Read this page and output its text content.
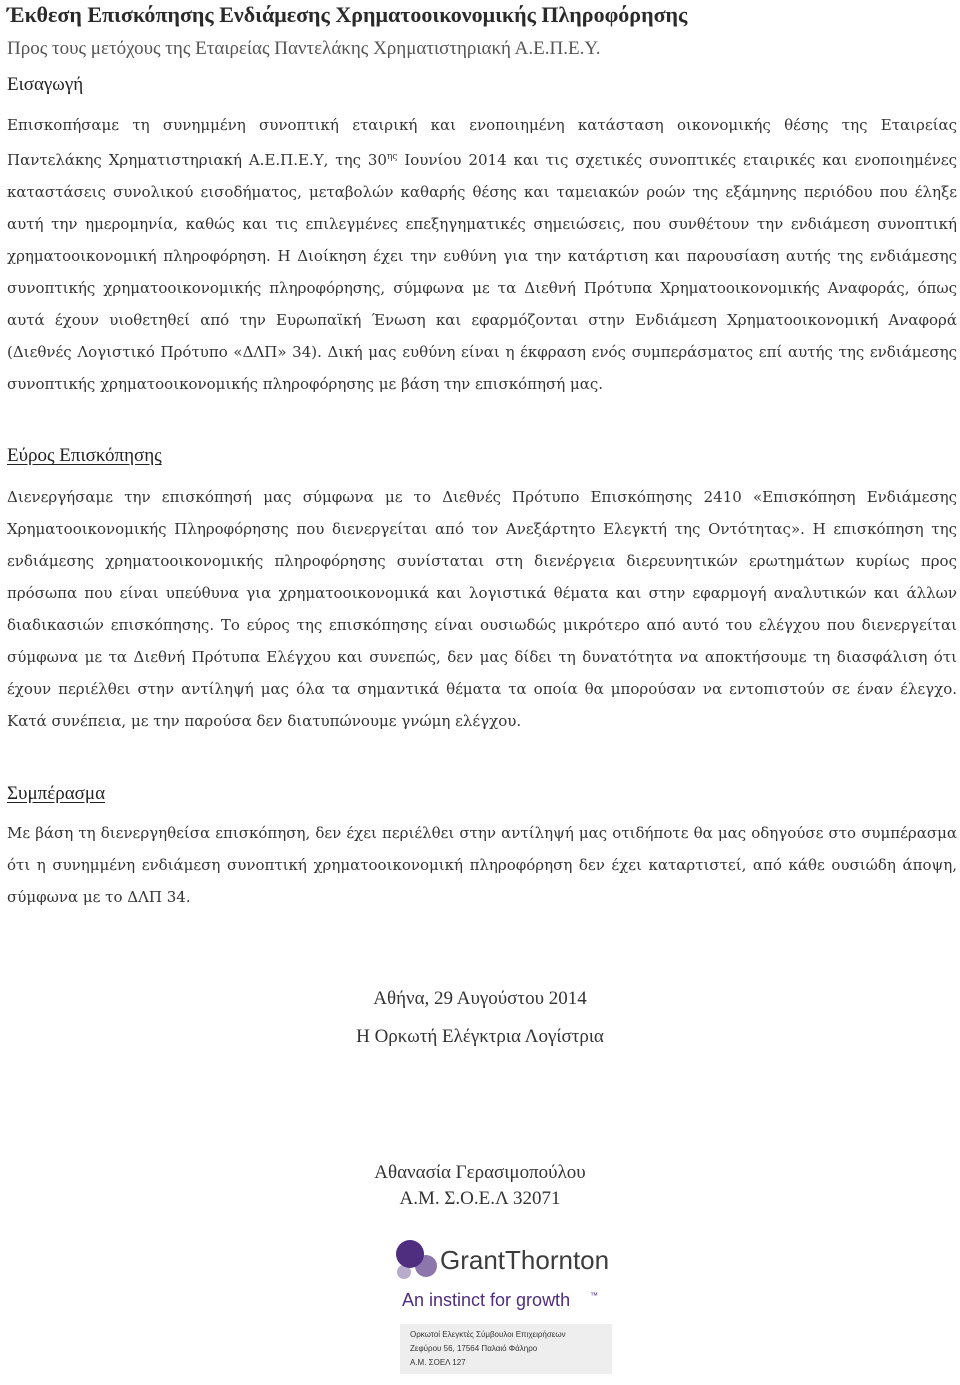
Έκθεση Επισκόπησης Ενδιάμεσης Χρηματοοικονομικής Πληροφόρησης
Προς τους μετόχους της Εταιρείας Παντελάκης Χρηματιστηριακή Α.Ε.Π.Ε.Υ.
Εισαγωγή

Επισκοπήσαμε τη συνημμένη συνοπτική εταιρική και ενοποιημένη κατάσταση οικονομικής θέσης της Εταιρείας Παντελάκης Χρηματιστηριακή Α.Ε.Π.Ε.Υ, της $30^{\eta\varsigma}$ Ιουνίου 2014 και τις σχετικές συνοπτικές εταιρικές και ενοποιημένες καταστάσεις συνολικού εισοδήματος, μεταβολών καθαρής θέσης και ταμειακών ροών της εξάμηνης περιόδου που έληξε αυτή την ημερομηνία, καθώς και τις επιλεγμένες επεξηγηματικές σημειώσεις, που συνθέτουν την ενδιάμεση συνοπτική χρηματοοικονομική πληροφόρηση. Η Διοίκηση έχει την ευθύνη για την κατάρτιση και παρουσίαση αυτής της ενδιάμεσης συνοπτικής χρηματοοικονομικής πληροφόρησης, σύμφωνα με τα Διεθνή Πρότυπα Χρηματοοικονομικής Αναφοράς, όπως αυτά έχουν υιοθετηθεί από την Ευρωπαϊκή Ένωση και εφαρμόζονται στην Ενδιάμεση Χρηματοοικονομική Αναφορά (Διεθνές Λογιστικό Πρότυπο «ΔΛΠ» 34). Δική μας ευθύνη είναι η έκφραση ενός συμπεράσματος επί αυτής της ενδιάμεσης συνοπτικής χρηματοοικονομικής πληροφόρησης με βάση την επισκόπησή μας.

Εύρος Επισκόπησης

Διενεργήσαμε την επισκόπησή μας σύμφωνα με το Διεθνές Πρότυπο Επισκόπησης 2410 «Επισκόπηση Ενδιάμεσης Χρηματοοικονομικής Πληροφόρησης που διενεργείται από τον Ανεξάρτητο Ελεγκτή της Οντότητας». Η επισκόπηση της ενδιάμεσης χρηματοοικονομικής πληροφόρησης συνίσταται στη διενέργεια διερευνητικών ερωτημάτων κυρίως προς πρόσωπα που είναι υπεύθυνα για χρηματοοικονομικά και λογιστικά θέματα και στην εφαρμογή αναλυτικών και άλλων διαδικασιών επισκόπησης. Το εύρος της επισκόπησης είναι ουσιωδώς μικρότερο από αυτό του ελέγχου που διενεργείται σύμφωνα με τα Διεθνή Πρότυπα Ελέγχου και συνεπώς, δεν μας δίδει τη δυνατότητα να αποκτήσουμε τη διασφάλιση ότι έχουν περιέλθει στην αντίληψή μας όλα τα σημαντικά θέματα τα οποία θα μπορούσαν να εντοπιστούν σε έναν έλεγχο. Κατά συνέπεια, με την παρούσα δεν διατυπώνουμε γνώμη ελέγχου.

Συμπέρασμα

Με βάση τη διενεργηθείσα επισκόπηση, δεν έχει περιέλθει στην αντίληψή μας οτιδήποτε θα μας οδηγούσε στο συμπέρασμα ότι η συνημμένη ενδιάμεση συνοπτική χρηματοοικονομική πληροφόρηση δεν έχει καταρτιστεί, από κάθε ουσιώδη άποψη, σύμφωνα με το ΔΛΠ 34.

Αθήνα, 29 Αυγούστου 2014
Η Ορκωτή Ελέγκτρια Λογίστρια
Αθανασία Γερασιμοπούλου
Α.Μ. Σ.Ο.Ε.Λ 32071
GrantThornton
An instinct for growth ™
Ορκωτοί Ελεγκτές Σύμβουλοι Επιχειρήσεων
Ζεφύρου 56, 17564 Παλαιό Φάληρο
Α.Μ. ΣΟΕΛ 127
